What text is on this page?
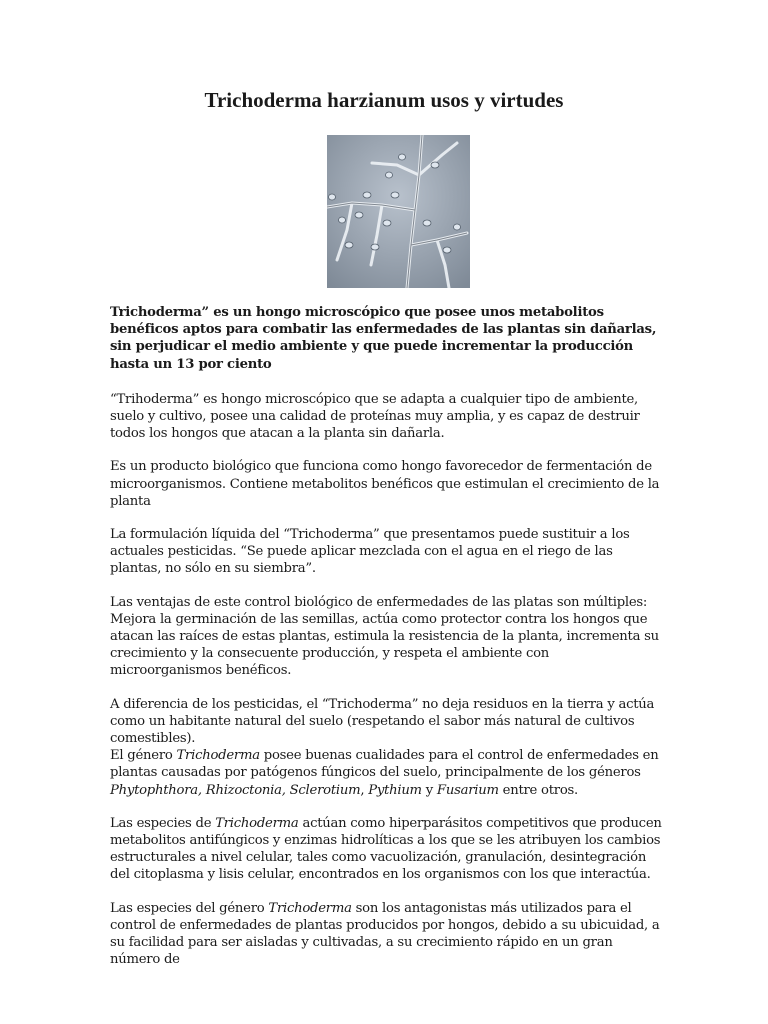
Trichoderma harzianum usos y virtudes

Trichoderma” es un hongo microscópico que posee unos metabolitos benéficos aptos para combatir las enfermedades de las plantas sin dañarlas, sin perjudicar el medio ambiente y que puede incrementar la producción hasta un 13 por ciento

“Trihoderma” es hongo microscópico que se adapta a cualquier tipo de ambiente, suelo y cultivo, posee una calidad de proteínas muy amplia, y es capaz de destruir todos los hongos que atacan a la planta sin dañarla.

Es un producto biológico que funciona como hongo favorecedor de fermentación de microorganismos. Contiene metabolitos benéficos que estimulan el crecimiento de la planta

La formulación líquida del “Trichoderma” que presentamos puede sustituir a los actuales pesticidas. “Se puede aplicar mezclada con el agua en el riego de las plantas, no sólo en su siembra”.

Las ventajas de este control biológico de enfermedades de las platas son múltiples: Mejora la germinación de las semillas, actúa como protector contra los hongos que atacan las raíces de estas plantas, estimula la resistencia de la planta, incrementa su crecimiento y la consecuente producción, y respeta el ambiente con microorganismos benéficos.

A diferencia de los pesticidas, el “Trichoderma” no deja residuos en la tierra y actúa como un habitante natural del suelo (respetando el sabor más natural de cultivos comestibles).

El género Trichoderma posee buenas cualidades para el control de enfermedades en plantas causadas por patógenos fúngicos del suelo, principalmente de los géneros Phytophthora, Rhizoctonia, Sclerotium, Pythium y Fusarium entre otros.

Las especies de Trichoderma actúan como hiperparásitos competitivos que producen metabolitos antifúngicos y enzimas hidrolíticas a los que se les atribuyen los cambios estructurales a nivel celular, tales como vacuolización, granulación, desintegración del citoplasma y lisis celular, encontrados en los organismos con los que interactúa.

Las especies del género Trichoderma son los antagonistas más utilizados para el control de enfermedades de plantas producidos por hongos, debido a su ubicuidad, a su facilidad para ser aisladas y cultivadas, a su crecimiento rápido en un gran número de
